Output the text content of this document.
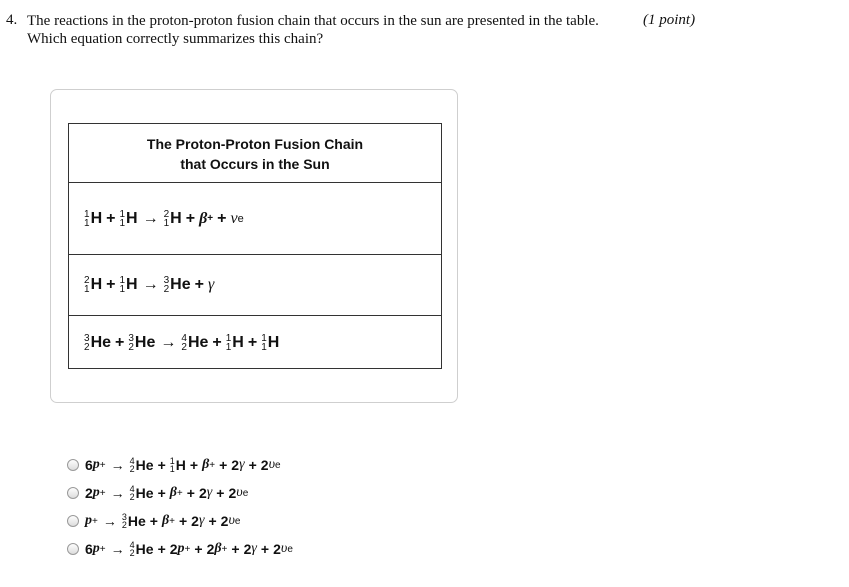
4. The reactions in the proton-proton fusion chain that occurs in the sun are presented in the table. Which equation correctly summarizes this chain?
(1 point)
The Proton-Proton Fusion Chain
that Occurs in the Sun
1
1 H + 1
1 H → 2
1 H + β + + ν e
2
1 H + 1
1 H → 3
2 He + γ
3
2 He + 3
2 He → 4
2 He + 1
1 H + 1
1 H
6 p + → 4
2 He + 1
1 H + β + + 2 γ + 2 υ e
2 p + → 4
2 He + β + + 2 γ + 2 υ e
p + → 3
2 He + β + + 2 γ + 2 υ e
6 p + → 4
2 He + 2 p + + 2 β + + 2 γ + 2 υ e
